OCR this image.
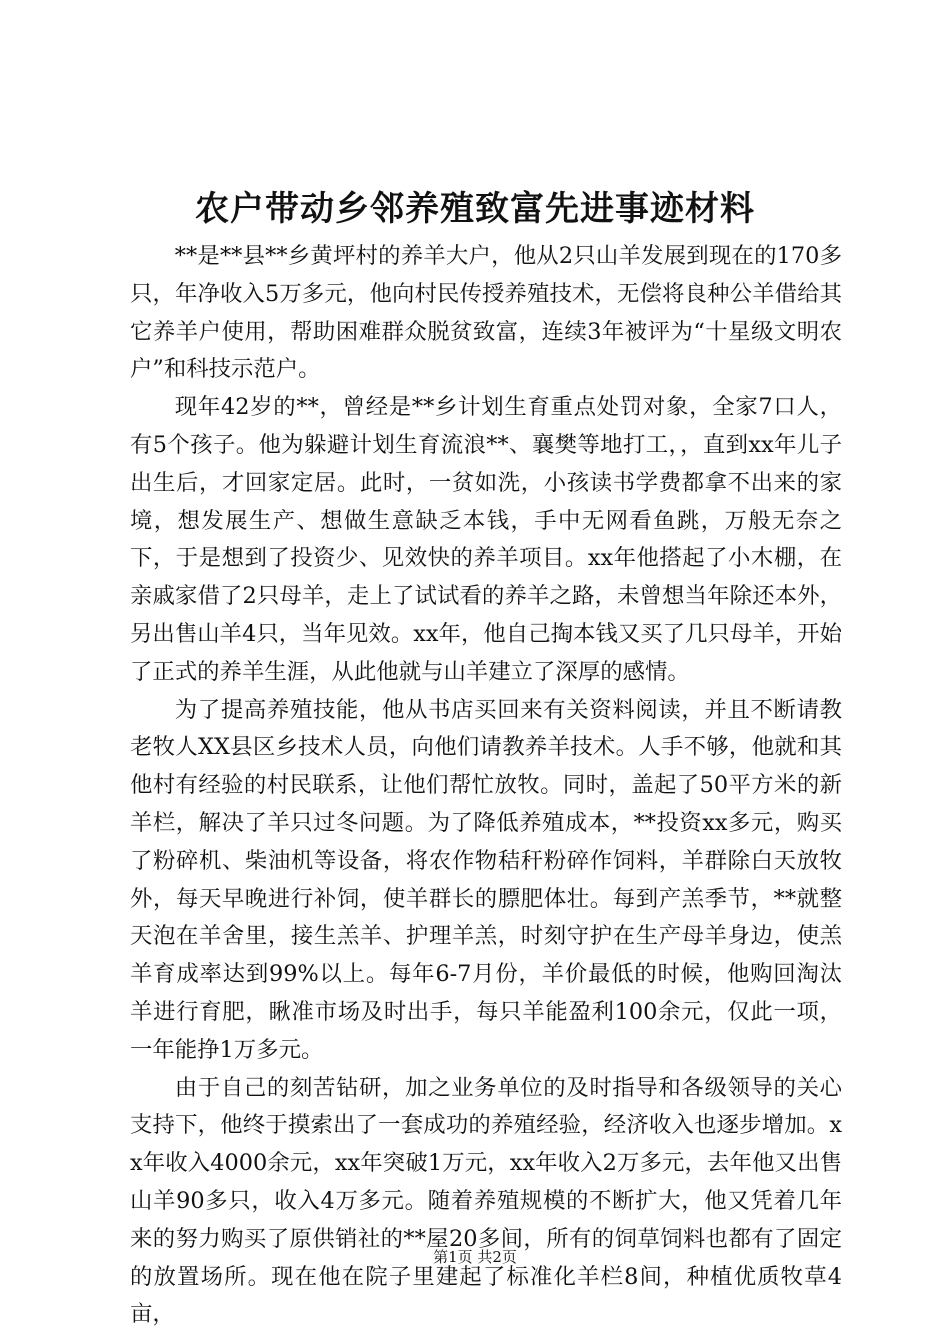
农户带动乡邻养殖致富先进事迹材料

**是**县**乡黄坪村的养羊大户，他从2只山羊发展到现在的170多只，年净收入5万多元，他向村民传授养殖技术，无偿将良种公羊借给其它养羊户使用，帮助困难群众脱贫致富，连续3年被评为“十星级文明农户”和科技示范户。

现年42岁的**，曾经是**乡计划生育重点处罚对象，全家7口人，有5个孩子。他为躲避计划生育流浪**、襄樊等地打工，，直到xx年儿子出生后，才回家定居。此时，一贫如洗，小孩读书学费都拿不出来的家境，想发展生产、想做生意缺乏本钱，手中无网看鱼跳，万般无奈之下，于是想到了投资少、见效快的养羊项目。xx年他搭起了小木棚，在亲戚家借了2只母羊，走上了试试看的养羊之路，未曾想当年除还本外，另出售山羊4只，当年见效。xx年，他自己掏本钱又买了几只母羊，开始了正式的养羊生涯，从此他就与山羊建立了深厚的感情。

为了提高养殖技能，他从书店买回来有关资料阅读，并且不断请教老牧人XX县区乡技术人员，向他们请教养羊技术。人手不够，他就和其他村有经验的村民联系，让他们帮忙放牧。同时，盖起了50平方米的新羊栏，解决了羊只过冬问题。为了降低养殖成本，**投资xx多元，购买了粉碎机、柴油机等设备，将农作物秸秆粉碎作饲料，羊群除白天放牧外，每天早晚进行补饲，使羊群长的膘肥体壮。每到产羔季节，**就整天泡在羊舍里，接生羔羊、护理羊羔，时刻守护在生产母羊身边，使羔羊育成率达到99%以上。每年6-7月份，羊价最低的时候，他购回淘汰羊进行育肥，瞅准市场及时出手，每只羊能盈利100余元，仅此一项，一年能挣1万多元。

由于自己的刻苦钻研，加之业务单位的及时指导和各级领导的关心支持下，他终于摸索出了一套成功的养殖经验，经济收入也逐步增加。xx年收入4000余元，xx年突破1万元，xx年收入2万多元，去年他又出售山羊90多只，收入4万多元。随着养殖规模的不断扩大，他又凭着几年来的努力购买了原供销社的**屋20多间，所有的饲草饲料也都有了固定的放置场所。现在他在院子里建起了标准化羊栏8间，种植优质牧草4亩，

第1页 共2页
